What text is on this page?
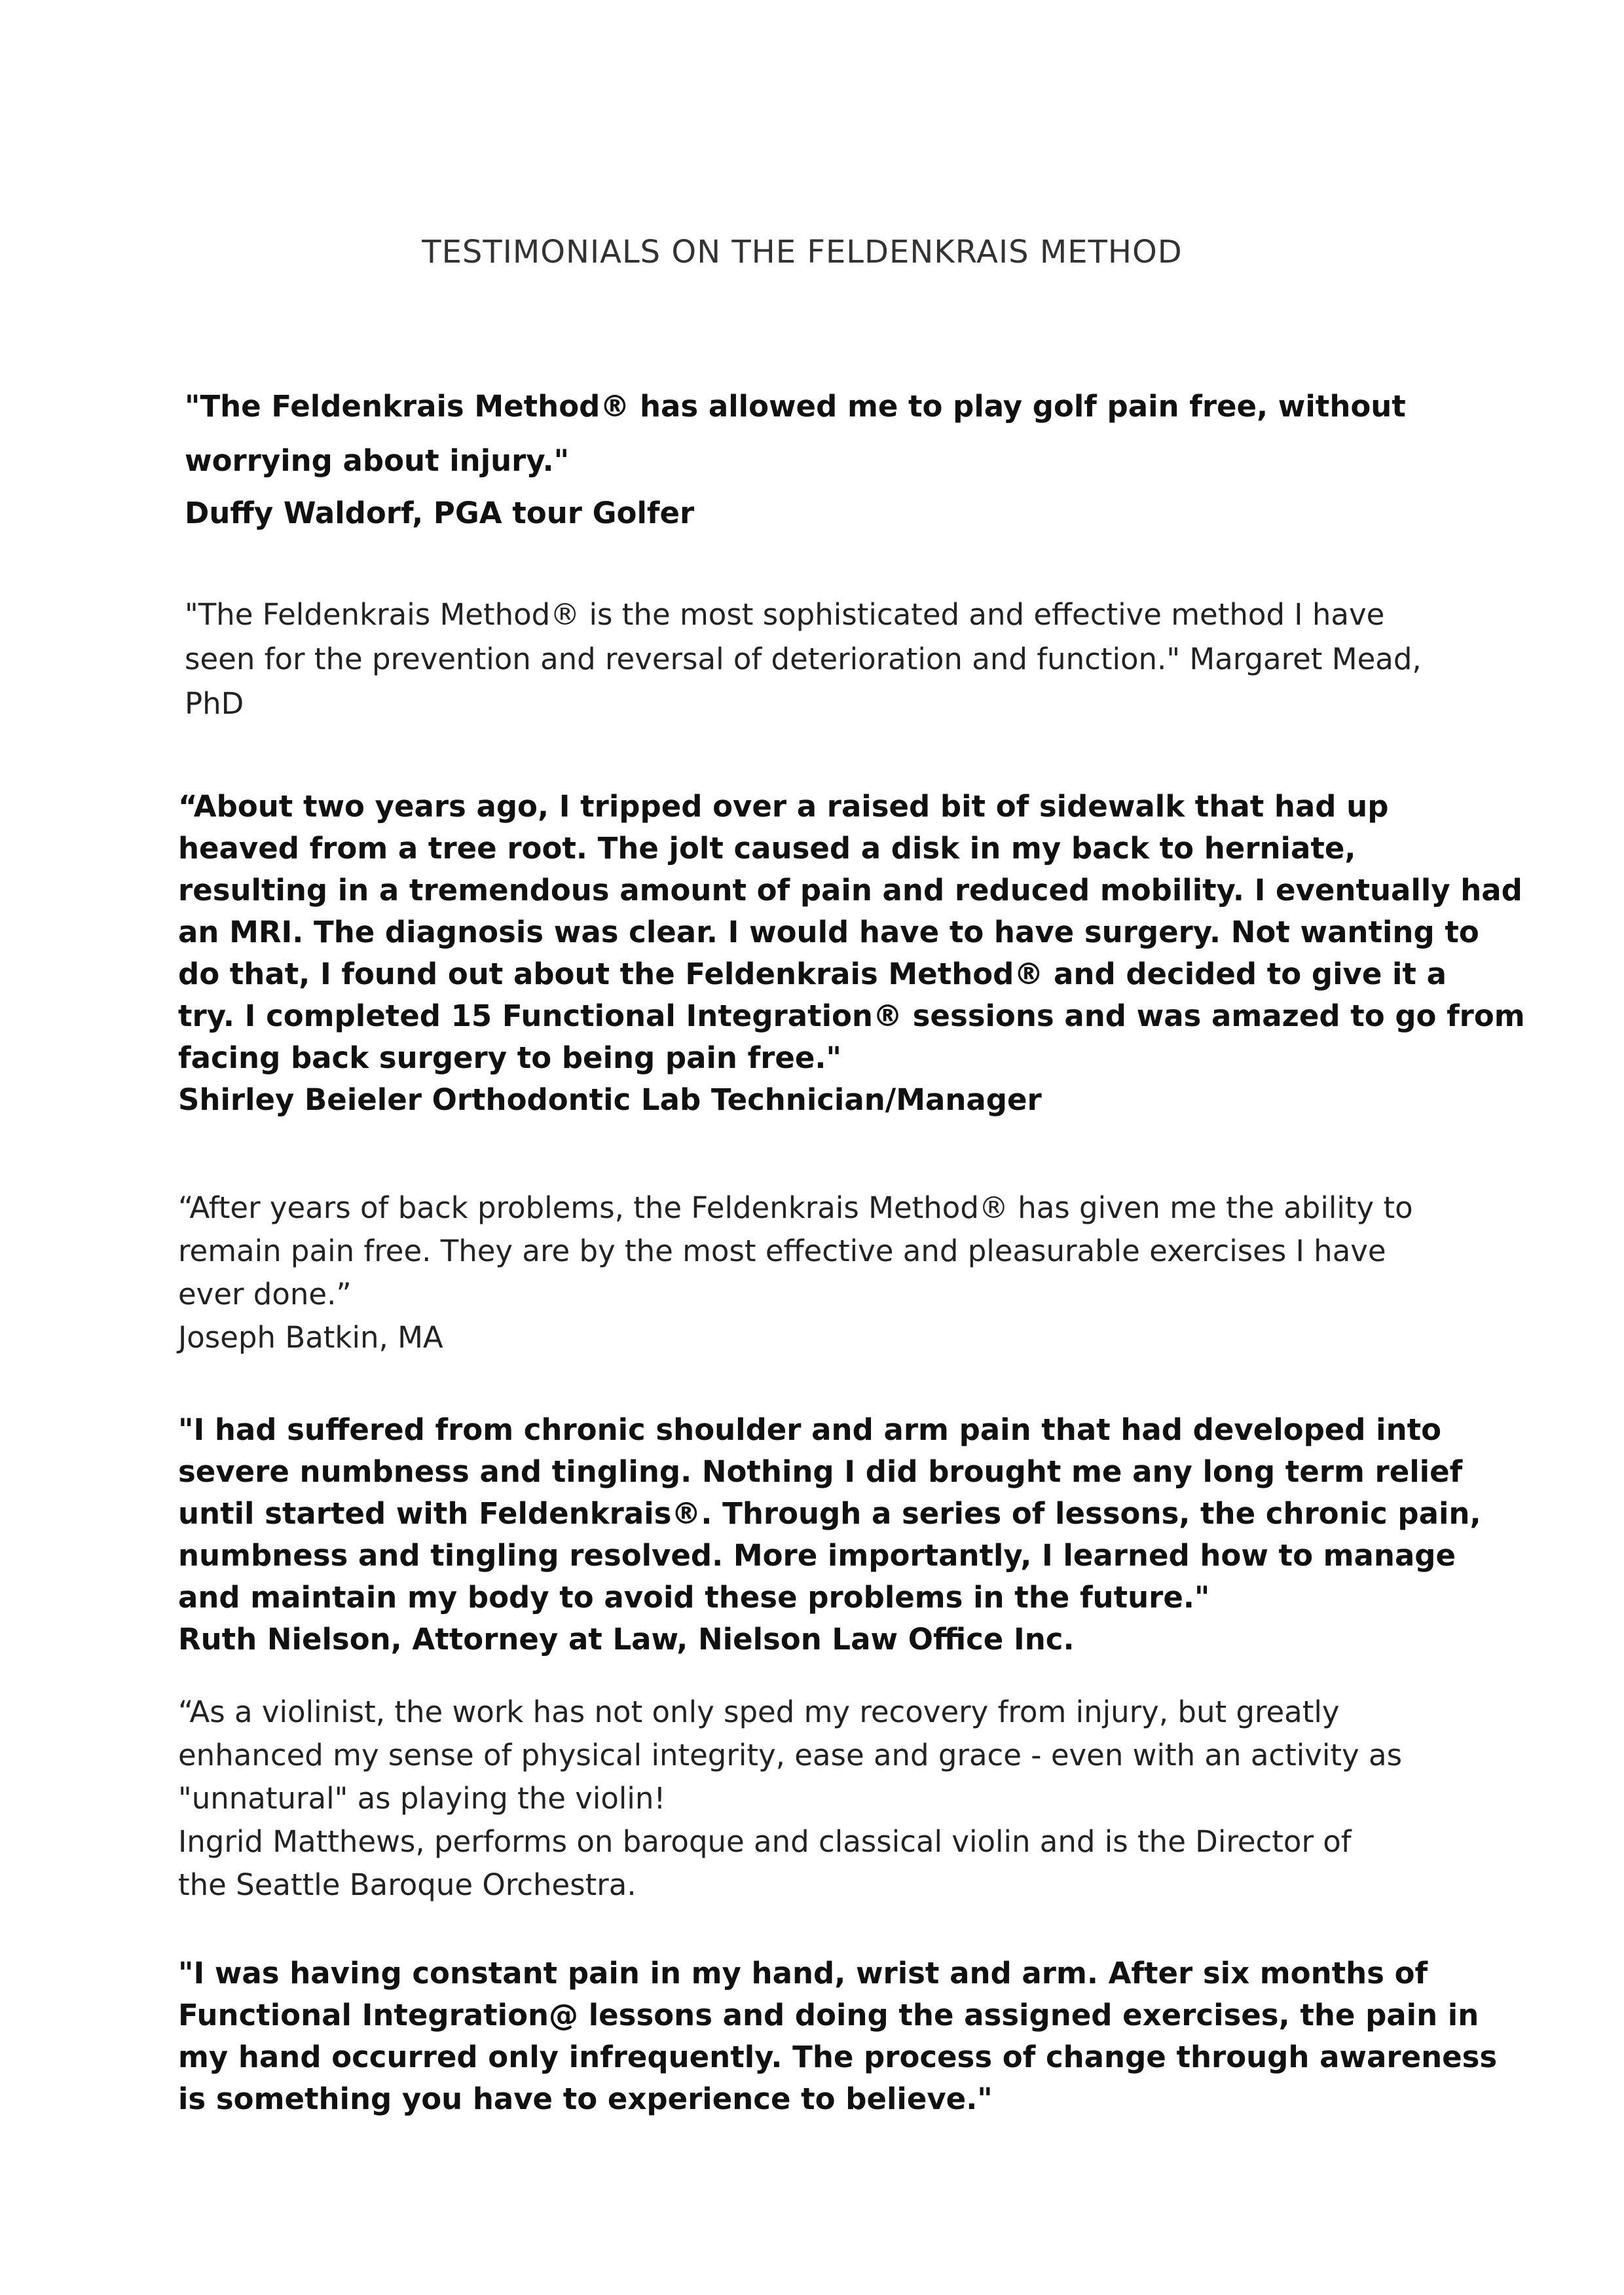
TESTIMONIALS ON THE FELDENKRAIS METHOD
"The Feldenkrais Method® has allowed me to play golf pain free, without
worrying about injury."
Duffy Waldorf, PGA tour Golfer
"The Feldenkrais Method® is the most sophisticated and effective method I have
seen for the prevention and reversal of deterioration and function." Margaret Mead,
PhD
“About two years ago, I tripped over a raised bit of sidewalk that had up
heaved from a tree root. The jolt caused a disk in my back to herniate,
resulting in a tremendous amount of pain and reduced mobility. I eventually had
an MRI. The diagnosis was clear. I would have to have surgery. Not wanting to
do that, I found out about the Feldenkrais Method® and decided to give it a
try. I completed 15 Functional Integration® sessions and was amazed to go from
facing back surgery to being pain free."
Shirley Beieler Orthodontic Lab Technician/Manager
“After years of back problems, the Feldenkrais Method® has given me the ability to
remain pain free. They are by the most effective and pleasurable exercises I have
ever done.”
Joseph Batkin, MA
"I had suffered from chronic shoulder and arm pain that had developed into
severe numbness and tingling. Nothing I did brought me any long term relief
until started with Feldenkrais®. Through a series of lessons, the chronic pain,
numbness and tingling resolved. More importantly, I learned how to manage
and maintain my body to avoid these problems in the future."
Ruth Nielson, Attorney at Law, Nielson Law Office Inc.
“As a violinist, the work has not only sped my recovery from injury, but greatly
enhanced my sense of physical integrity, ease and grace - even with an activity as
"unnatural" as playing the violin!
Ingrid Matthews, performs on baroque and classical violin and is the Director of
the Seattle Baroque Orchestra.
"I was having constant pain in my hand, wrist and arm. After six months of
Functional Integration@ lessons and doing the assigned exercises, the pain in
my hand occurred only infrequently. The process of change through awareness
is something you have to experience to believe."
